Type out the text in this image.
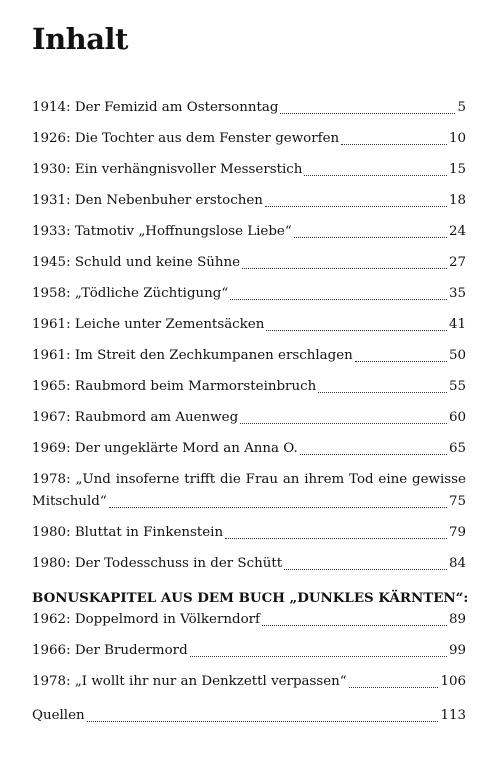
Inhalt
1914: Der Femizid am Ostersonntag	5
1926: Die Tochter aus dem Fenster geworfen	10
1930: Ein verhängnisvoller Messerstich	15
1931: Den Nebenbuher erstochen	18
1933: Tatmotiv „Hoffnungslose Liebe“	24
1945: Schuld und keine Sühne	27
1958: „Tödliche Züchtigung“	35
1961: Leiche unter Zementsäcken	41
1961: Im Streit den Zechkumpanen erschlagen	50
1965: Raubmord beim Marmorsteinbruch	55
1967: Raubmord am Auenweg	60
1969: Der ungeklärte Mord an Anna O.	65
1978: „Und insoferne trifft die Frau an ihrem Tod eine gewisse
Mitschuld“	75
1980: Bluttat in Finkenstein	79
1980: Der Todesschuss in der Schütt	84
BONUSKAPITEL AUS DEM BUCH „DUNKLES KÄRNTEN“:
1962: Doppelmord in Völkerndorf	89
1966: Der Brudermord	99
1978: „I wollt ihr nur an Denkzettl verpassen“	106
Quellen	113
